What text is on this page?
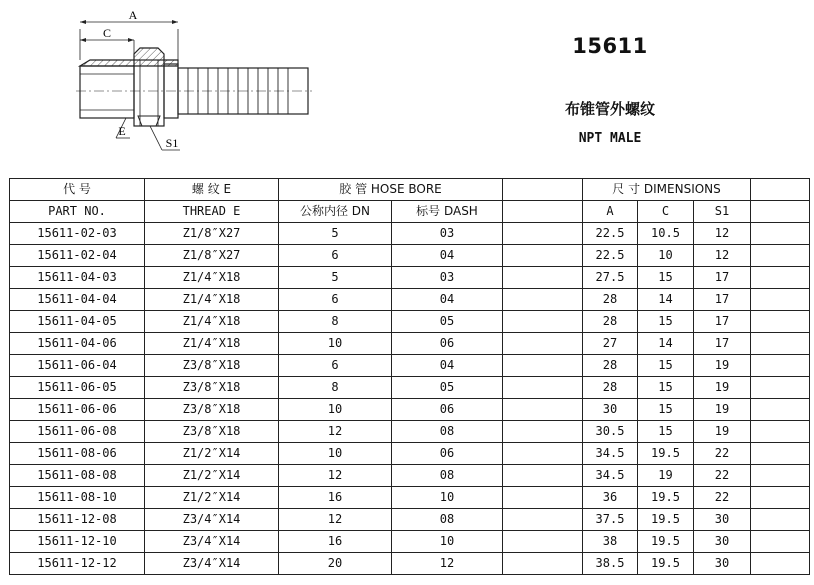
A
C
E
S1
15611
布锥管外螺纹
NPT MALE
代 号	螺 纹 E	胶 管 HOSE BORE			尺 寸 DIMENSIONS			
PART NO.	THREAD E	公称内径 DN	标号 DASH		A	C	S1	
15611-02-03	Z1/8″X27	5	03		22.5	10.5	12	
15611-02-04	Z1/8″X27	6	04		22.5	10	12	
15611-04-03	Z1/4″X18	5	03		27.5	15	17	
15611-04-04	Z1/4″X18	6	04		28	14	17	
15611-04-05	Z1/4″X18	8	05		28	15	17	
15611-04-06	Z1/4″X18	10	06		27	14	17	
15611-06-04	Z3/8″X18	6	04		28	15	19	
15611-06-05	Z3/8″X18	8	05		28	15	19	
15611-06-06	Z3/8″X18	10	06		30	15	19	
15611-06-08	Z3/8″X18	12	08		30.5	15	19	
15611-08-06	Z1/2″X14	10	06		34.5	19.5	22	
15611-08-08	Z1/2″X14	12	08		34.5	19	22	
15611-08-10	Z1/2″X14	16	10		36	19.5	22	
15611-12-08	Z3/4″X14	12	08		37.5	19.5	30	
15611-12-10	Z3/4″X14	16	10		38	19.5	30	
15611-12-12	Z3/4″X14	20	12		38.5	19.5	30	
